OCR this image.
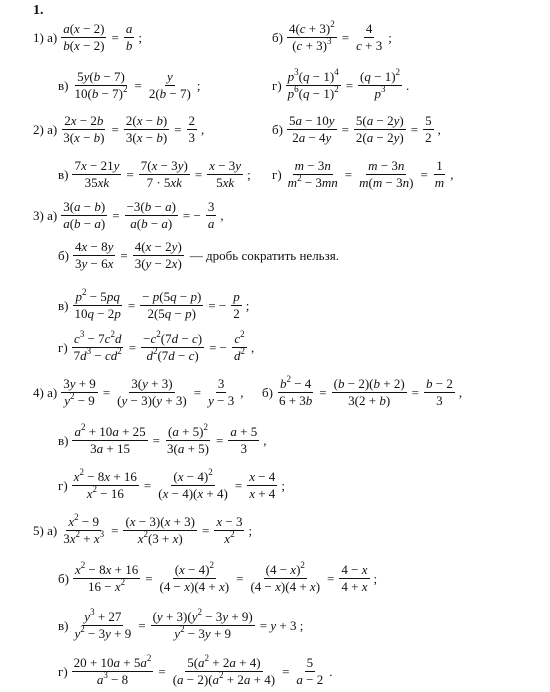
1.
1) $а) \frac{a(x - 2)}{b(x - 2)} = \frac{a}{b}$ ;	$б) \frac{4(c + 3)^2}{(c + 3)^3} = \frac{4}{c + 3}$ ;
$в) \frac{5y(b - 7)}{10(b - 7)^2} = \frac{y}{2(b - 7)}$ ;	$г) \frac{p^3(q - 1)^4}{p^6(q - 1)^2} = \frac{(q - 1)^2}{p^3}$ .
2) $а) \frac{2x - 2b}{3(x - b)} = \frac{2(x - b)}{3(x - b)} = \frac{2}{3}$ ,	$б) \frac{5a - 10y}{2a - 4y} = \frac{5(a - 2y)}{2(a - 2y)} = \frac{5}{2}$ ,
$в) \frac{7x - 21y}{35xk} = \frac{7(x - 3y)}{7 \cdot 5xk} = \frac{x - 3y}{5xk}$ ; $г) \frac{m - 3n}{m^2 - 3mn} = \frac{m - 3n}{m(m - 3n)} = \frac{1}{m}$ ,
3) $а) \frac{3(a - b)}{a(b - a)} = \frac{-3(b - a)}{a(b - a)}$ = − $\frac{3}{a}$ ,
$б) \frac{4x - 8y}{3y - 6x} = \frac{4(x - 2y)}{3(y - 2x)}$ — дробь сократить нельзя.
$в) \frac{p^2 - 5pq}{10q - 2p} = \frac{- p(5q - p)}{2(5q - p)}$ = − $\frac{p}{2}$ ;
$г) \frac{c^3 - 7c^2d}{7d^3 - cd^2} = \frac{-c^2(7d - c)}{d^2(7d - c)}$ = − $\frac{c^2}{d^2}$ ,
4) $а) \frac{3y + 9}{y^2 - 9} = \frac{3(y + 3)}{(y - 3)(y + 3)} = \frac{3}{y - 3}$ , $б) \frac{b^2 - 4}{6 + 3b} = \frac{(b - 2)(b + 2)}{3(2 + b)} = \frac{b - 2}{3}$ ,
$в) \frac{a^2 + 10a + 25}{3a + 15} = \frac{(a + 5)^2}{3(a + 5)} = \frac{a + 5}{3}$ ,
$г) \frac{x^2 - 8x + 16}{x^2 - 16} = \frac{(x - 4)^2}{(x - 4)(x + 4)} = \frac{x - 4}{x + 4}$ ;
5) $а) \frac{x^2 - 9}{3x^2 + x^3} = \frac{(x - 3)(x + 3)}{x^2(3 + x)} = \frac{x - 3}{x^2}$ ;
$б) \frac{x^2 - 8x + 16}{16 - x^2} = \frac{(x - 4)^2}{(4 - x)(4 + x)} = \frac{(4 - x)^2}{(4 - x)(4 + x)} = \frac{4 - x}{4 + x}$ ;
$в) \frac{y^3 + 27}{y^2 - 3y + 9} = \frac{(y + 3)(y^2 - 3y + 9)}{y^2 - 3y + 9} = y + 3$ ;
$г) \frac{20 + 10a + 5a^2}{a^3 - 8} = \frac{5(a^2 + 2a + 4)}{(a - 2)(a^2 + 2a + 4)} = \frac{5}{a - 2}$ .
